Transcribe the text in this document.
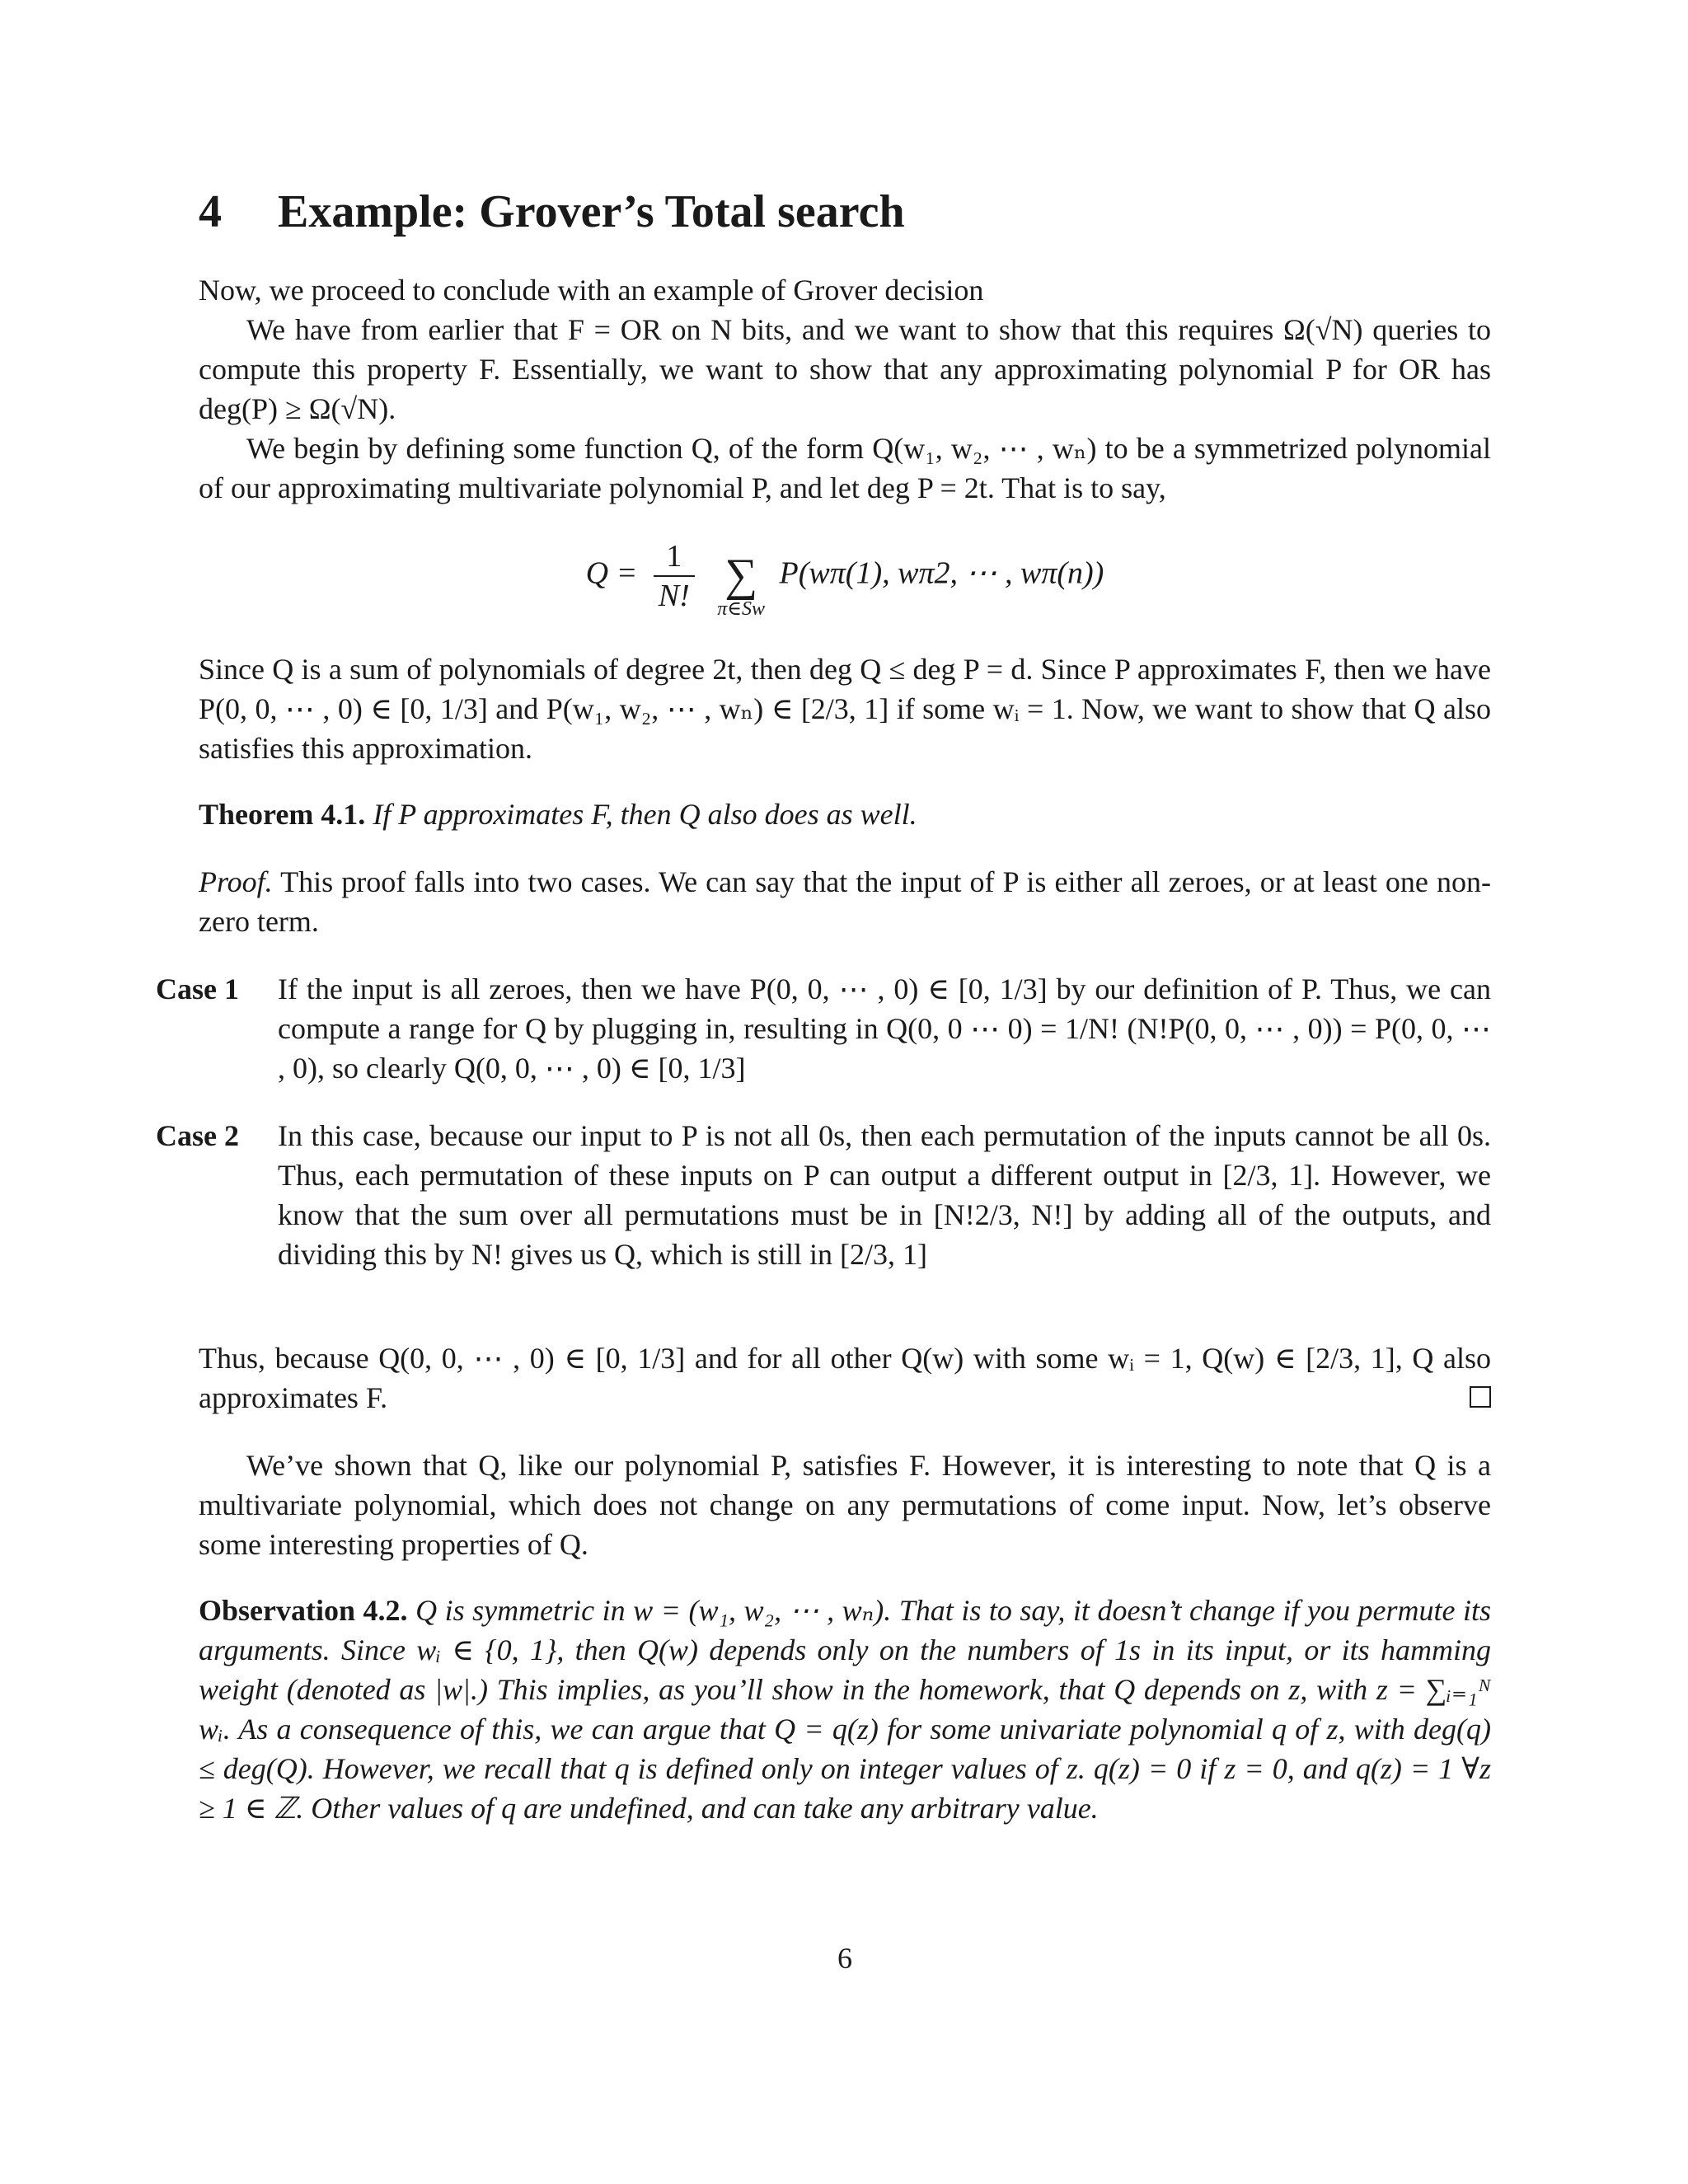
4 Example: Grover’s Total search

Now, we proceed to conclude with an example of Grover decision

We have from earlier that F = OR on N bits, and we want to show that this requires Ω(√N) queries to compute this property F. Essentially, we want to show that any approximating polynomial P for OR has deg(P) ≥ Ω(√N).

We begin by defining some function Q, of the form Q(w₁, w₂, ⋯ , wₙ) to be a symmetrized polynomial of our approximating multivariate polynomial P, and let deg P = 2t. That is to say,

$Q = \frac{1}{N!}$
∑
π∈Sw
P(wπ(1), wπ2, ⋯ , wπ(n))

Since Q is a sum of polynomials of degree 2t, then deg Q ≤ deg P = d. Since P approximates F, then we have P(0, 0, ⋯ , 0) ∈ [0, 1/3] and P(w₁, w₂, ⋯ , wₙ) ∈ [2/3, 1] if some wᵢ = 1. Now, we want to show that Q also satisfies this approximation.

Theorem 4.1. If P approximates F, then Q also does as well.

Proof. This proof falls into two cases. We can say that the input of P is either all zeroes, or at least one non-zero term.

Case 1	If the input is all zeroes, then we have P(0, 0, ⋯ , 0) ∈ [0, 1/3] by our definition of P. Thus, we can compute a range for Q by plugging in, resulting in Q(0, 0 ⋯ 0) = 1/N! (N!P(0, 0, ⋯ , 0)) = P(0, 0, ⋯ , 0), so clearly Q(0, 0, ⋯ , 0) ∈ [0, 1/3]
Case 2	In this case, because our input to P is not all 0s, then each permutation of the inputs cannot be all 0s. Thus, each permutation of these inputs on P can output a different output in [2/3, 1]. However, we know that the sum over all permutations must be in [N!2/3, N!] by adding all of the outputs, and dividing this by N! gives us Q, which is still in [2/3, 1]

Thus, because Q(0, 0, ⋯ , 0) ∈ [0, 1/3] and for all other Q(w) with some wᵢ = 1, Q(w) ∈ [2/3, 1], Q also approximates F.

We’ve shown that Q, like our polynomial P, satisfies F. However, it is interesting to note that Q is a multivariate polynomial, which does not change on any permutations of come input. Now, let’s observe some interesting properties of Q.

Observation 4.2. Q is symmetric in w = (w₁, w₂, ⋯ , wₙ). That is to say, it doesn’t change if you permute its arguments. Since wᵢ ∈ {0, 1}, then Q(w) depends only on the numbers of 1s in its input, or its hamming weight (denoted as |w|.) This implies, as you’ll show in the homework, that Q depends on z, with z = ∑ᵢ₌₁ᴺ wᵢ. As a consequence of this, we can argue that Q = q(z) for some univariate polynomial q of z, with deg(q) ≤ deg(Q). However, we recall that q is defined only on integer values of z. q(z) = 0 if z = 0, and q(z) = 1 ∀z ≥ 1 ∈ ℤ. Other values of q are undefined, and can take any arbitrary value.

6
